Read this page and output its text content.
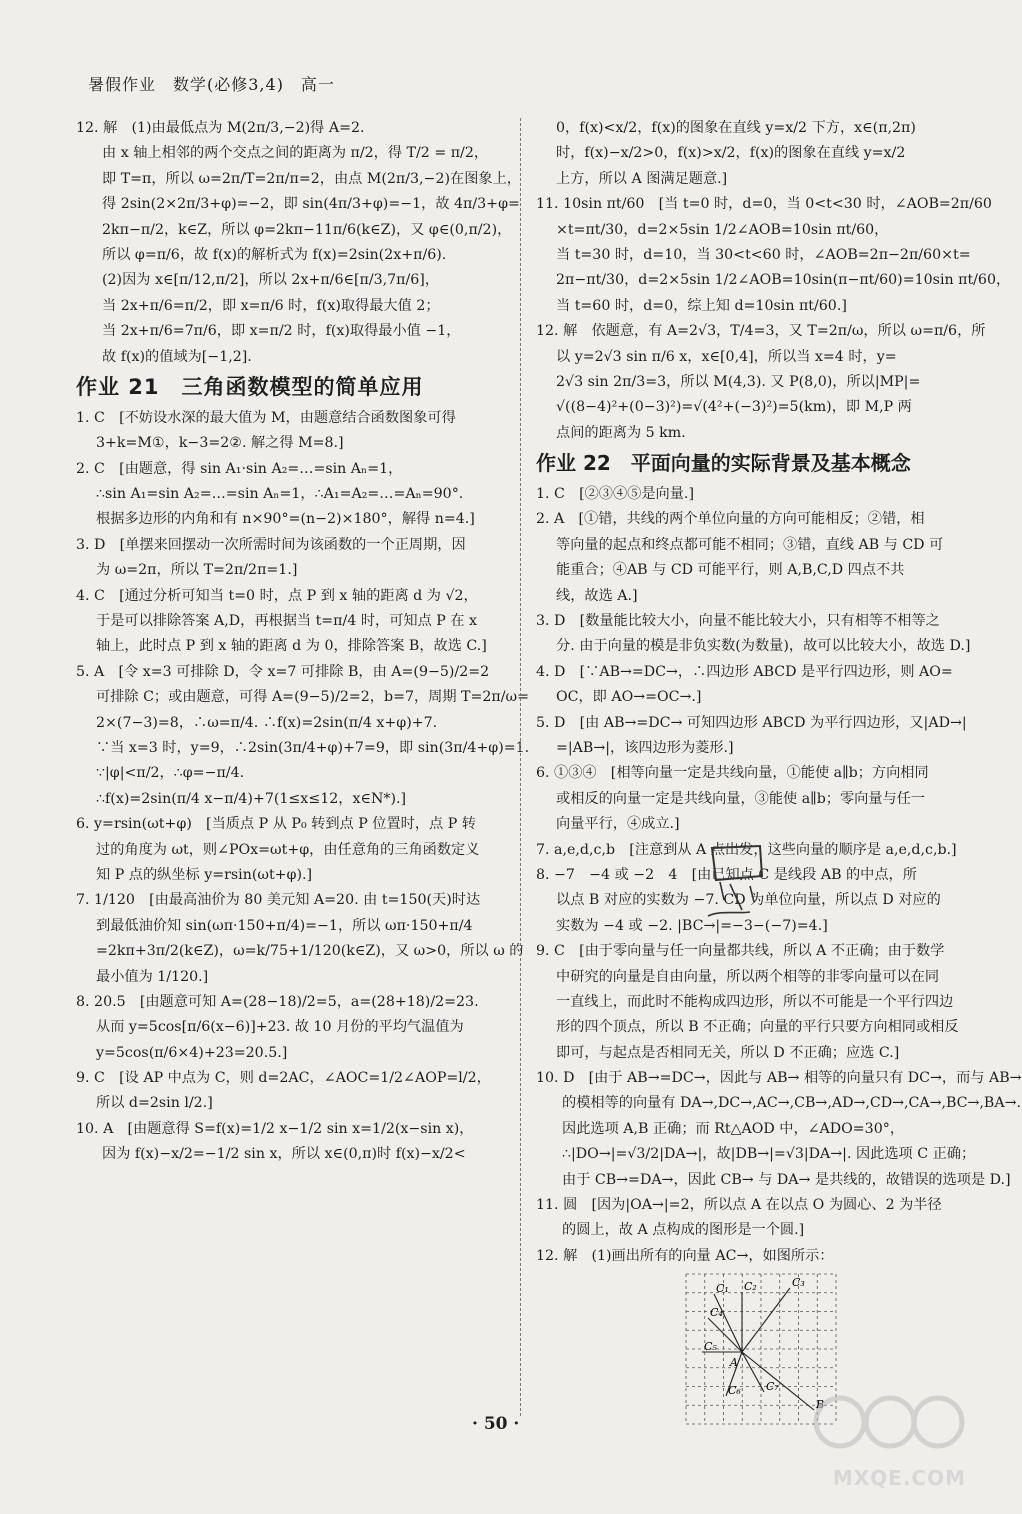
暑假作业　数学(必修3,4)　高一
12. 解　(1)由最低点为 M(2π/3,−2)得 A=2.
由 x 轴上相邻的两个交点之间的距离为 π/2，得 T/2 = π/2，
即 T=π，所以 ω=2π/T=2π/π=2，由点 M(2π/3,−2)在图象上，
得 2sin(2×2π/3+φ)=−2，即 sin(4π/3+φ)=−1，故 4π/3+φ=
2kπ−π/2，k∈Z，所以 φ=2kπ−11π/6(k∈Z)，又 φ∈(0,π/2)，
所以 φ=π/6，故 f(x)的解析式为 f(x)=2sin(2x+π/6).
(2)因为 x∈[π/12,π/2]，所以 2x+π/6∈[π/3,7π/6]，
当 2x+π/6=π/2，即 x=π/6 时，f(x)取得最大值 2；
当 2x+π/6=7π/6，即 x=π/2 时，f(x)取得最小值 −1，
故 f(x)的值域为[−1,2].
作业 21　三角函数模型的简单应用
1. C　[不妨设水深的最大值为 M，由题意结合函数图象可得
3+k=M①，k−3=2②. 解之得 M=8.]
2. C　[由题意，得 sin A₁·sin A₂=…=sin Aₙ=1，
∴sin A₁=sin A₂=…=sin Aₙ=1，∴A₁=A₂=…=Aₙ=90°.
根据多边形的内角和有 n×90°=(n−2)×180°，解得 n=4.]
3. D　[单摆来回摆动一次所需时间为该函数的一个正周期，因
为 ω=2π，所以 T=2π/2π=1.]
4. C　[通过分析可知当 t=0 时，点 P 到 x 轴的距离 d 为 √2，
于是可以排除答案 A,D，再根据当 t=π/4 时，可知点 P 在 x
轴上，此时点 P 到 x 轴的距离 d 为 0，排除答案 B，故选 C.]
5. A　[令 x=3 可排除 D，令 x=7 可排除 B，由 A=(9−5)/2=2
可排除 C；或由题意，可得 A=(9−5)/2=2，b=7，周期 T=2π/ω=
2×(7−3)=8，∴ω=π/4. ∴f(x)=2sin(π/4 x+φ)+7.
∵当 x=3 时，y=9，∴2sin(3π/4+φ)+7=9，即 sin(3π/4+φ)=1.
∵|φ|<π/2，∴φ=−π/4.
∴f(x)=2sin(π/4 x−π/4)+7(1≤x≤12，x∈N*).]
6. y=rsin(ωt+φ)　[当质点 P 从 P₀ 转到点 P 位置时，点 P 转
过的角度为 ωt，则∠POx=ωt+φ，由任意角的三角函数定义
知 P 点的纵坐标 y=rsin(ωt+φ).]
7. 1/120　[由最高油价为 80 美元知 A=20. 由 t=150(天)时达
到最低油价知 sin(ωπ·150+π/4)=−1，所以 ωπ·150+π/4
=2kπ+3π/2(k∈Z)，ω=k/75+1/120(k∈Z)，又 ω>0，所以 ω 的
最小值为 1/120.]
8. 20.5　[由题意可知 A=(28−18)/2=5，a=(28+18)/2=23.
从而 y=5cos[π/6(x−6)]+23. 故 10 月份的平均气温值为
y=5cos(π/6×4)+23=20.5.]
9. C　[设 AP 中点为 C，则 d=2AC，∠AOC=1/2∠AOP=l/2，
所以 d=2sin l/2.]
10. A　[由题意得 S=f(x)=1/2 x−1/2 sin x=1/2(x−sin x)，
因为 f(x)−x/2=−1/2 sin x，所以 x∈(0,π)时 f(x)−x/2<
0，f(x)<x/2，f(x)的图象在直线 y=x/2 下方，x∈(π,2π)
时，f(x)−x/2>0，f(x)>x/2，f(x)的图象在直线 y=x/2
上方，所以 A 图满足题意.]
11. 10sin πt/60　[当 t=0 时，d=0，当 0<t<30 时，∠AOB=2π/60
×t=πt/30，d=2×5sin 1/2∠AOB=10sin πt/60，
当 t=30 时，d=10，当 30<t<60 时，∠AOB=2π−2π/60×t=
2π−πt/30，d=2×5sin 1/2∠AOB=10sin(π−πt/60)=10sin πt/60，
当 t=60 时，d=0，综上知 d=10sin πt/60.]
12. 解　依题意，有 A=2√3，T/4=3，又 T=2π/ω，所以 ω=π/6，所
以 y=2√3 sin π/6 x，x∈[0,4]，所以当 x=4 时，y=
2√3 sin 2π/3=3，所以 M(4,3). 又 P(8,0)，所以|MP|=
√((8−4)²+(0−3)²)=√(4²+(−3)²)=5(km)，即 M,P 两
点间的距离为 5 km.
作业 22　平面向量的实际背景及基本概念
1. C　[②③④⑤是向量.]
2. A　[①错，共线的两个单位向量的方向可能相反；②错，相
等向量的起点和终点都可能不相同；③错，直线 AB 与 CD 可
能重合；④AB 与 CD 可能平行，则 A,B,C,D 四点不共
线，故选 A.]
3. D　[数量能比较大小，向量不能比较大小，只有相等不相等之
分. 由于向量的模是非负实数(为数量)，故可以比较大小，故选 D.]
4. D　[∵AB→=DC→，∴四边形 ABCD 是平行四边形，则 AO=
OC，即 AO→=OC→.]
5. D　[由 AB→=DC→ 可知四边形 ABCD 为平行四边形，又|AD→|
=|AB→|，该四边形为菱形.]
6. ①③④　[相等向量一定是共线向量，①能使 a∥b；方向相同
或相反的向量一定是共线向量，③能使 a∥b；零向量与任一
向量平行，④成立.]
7. a,e,d,c,b　[注意到从 A 点出发，这些向量的顺序是 a,e,d,c,b.]
8. −7　−4 或 −2　4　[由已知点 C 是线段 AB 的中点，所
以点 B 对应的实数为 −7. CD 为单位向量，所以点 D 对应的
实数为 −4 或 −2. |BC→|=−3−(−7)=4.]
9. C　[由于零向量与任一向量都共线，所以 A 不正确；由于数学
中研究的向量是自由向量，所以两个相等的非零向量可以在同
一直线上，而此时不能构成四边形，所以不可能是一个平行四边
形的四个顶点，所以 B 不正确；向量的平行只要方向相同或相反
即可，与起点是否相同无关，所以 D 不正确；应选 C.]
10. D　[由于 AB→=DC→，因此与 AB→ 相等的向量只有 DC→，而与 AB→
的模相等的向量有 DA→,DC→,AC→,CB→,AD→,CD→,CA→,BC→,BA→.
因此选项 A,B 正确；而 Rt△AOD 中，∠ADO=30°，
∴|DO→|=√3/2|DA→|，故|DB→|=√3|DA→|. 因此选项 C 正确；
由于 CB→=DA→，因此 CB→ 与 DA→ 是共线的，故错误的选项是 D.]
11. 圆　[因为|OA→|=2，所以点 A 在以点 O 为圆心、2 为半径
的圆上，故 A 点构成的图形是一个圆.]
12. 解　(1)画出所有的向量 AC→，如图所示：
C₁ C₂	C₃
C₄
C₅
C₆ C₇
B
A
· 50 ·
MXQE.COM
